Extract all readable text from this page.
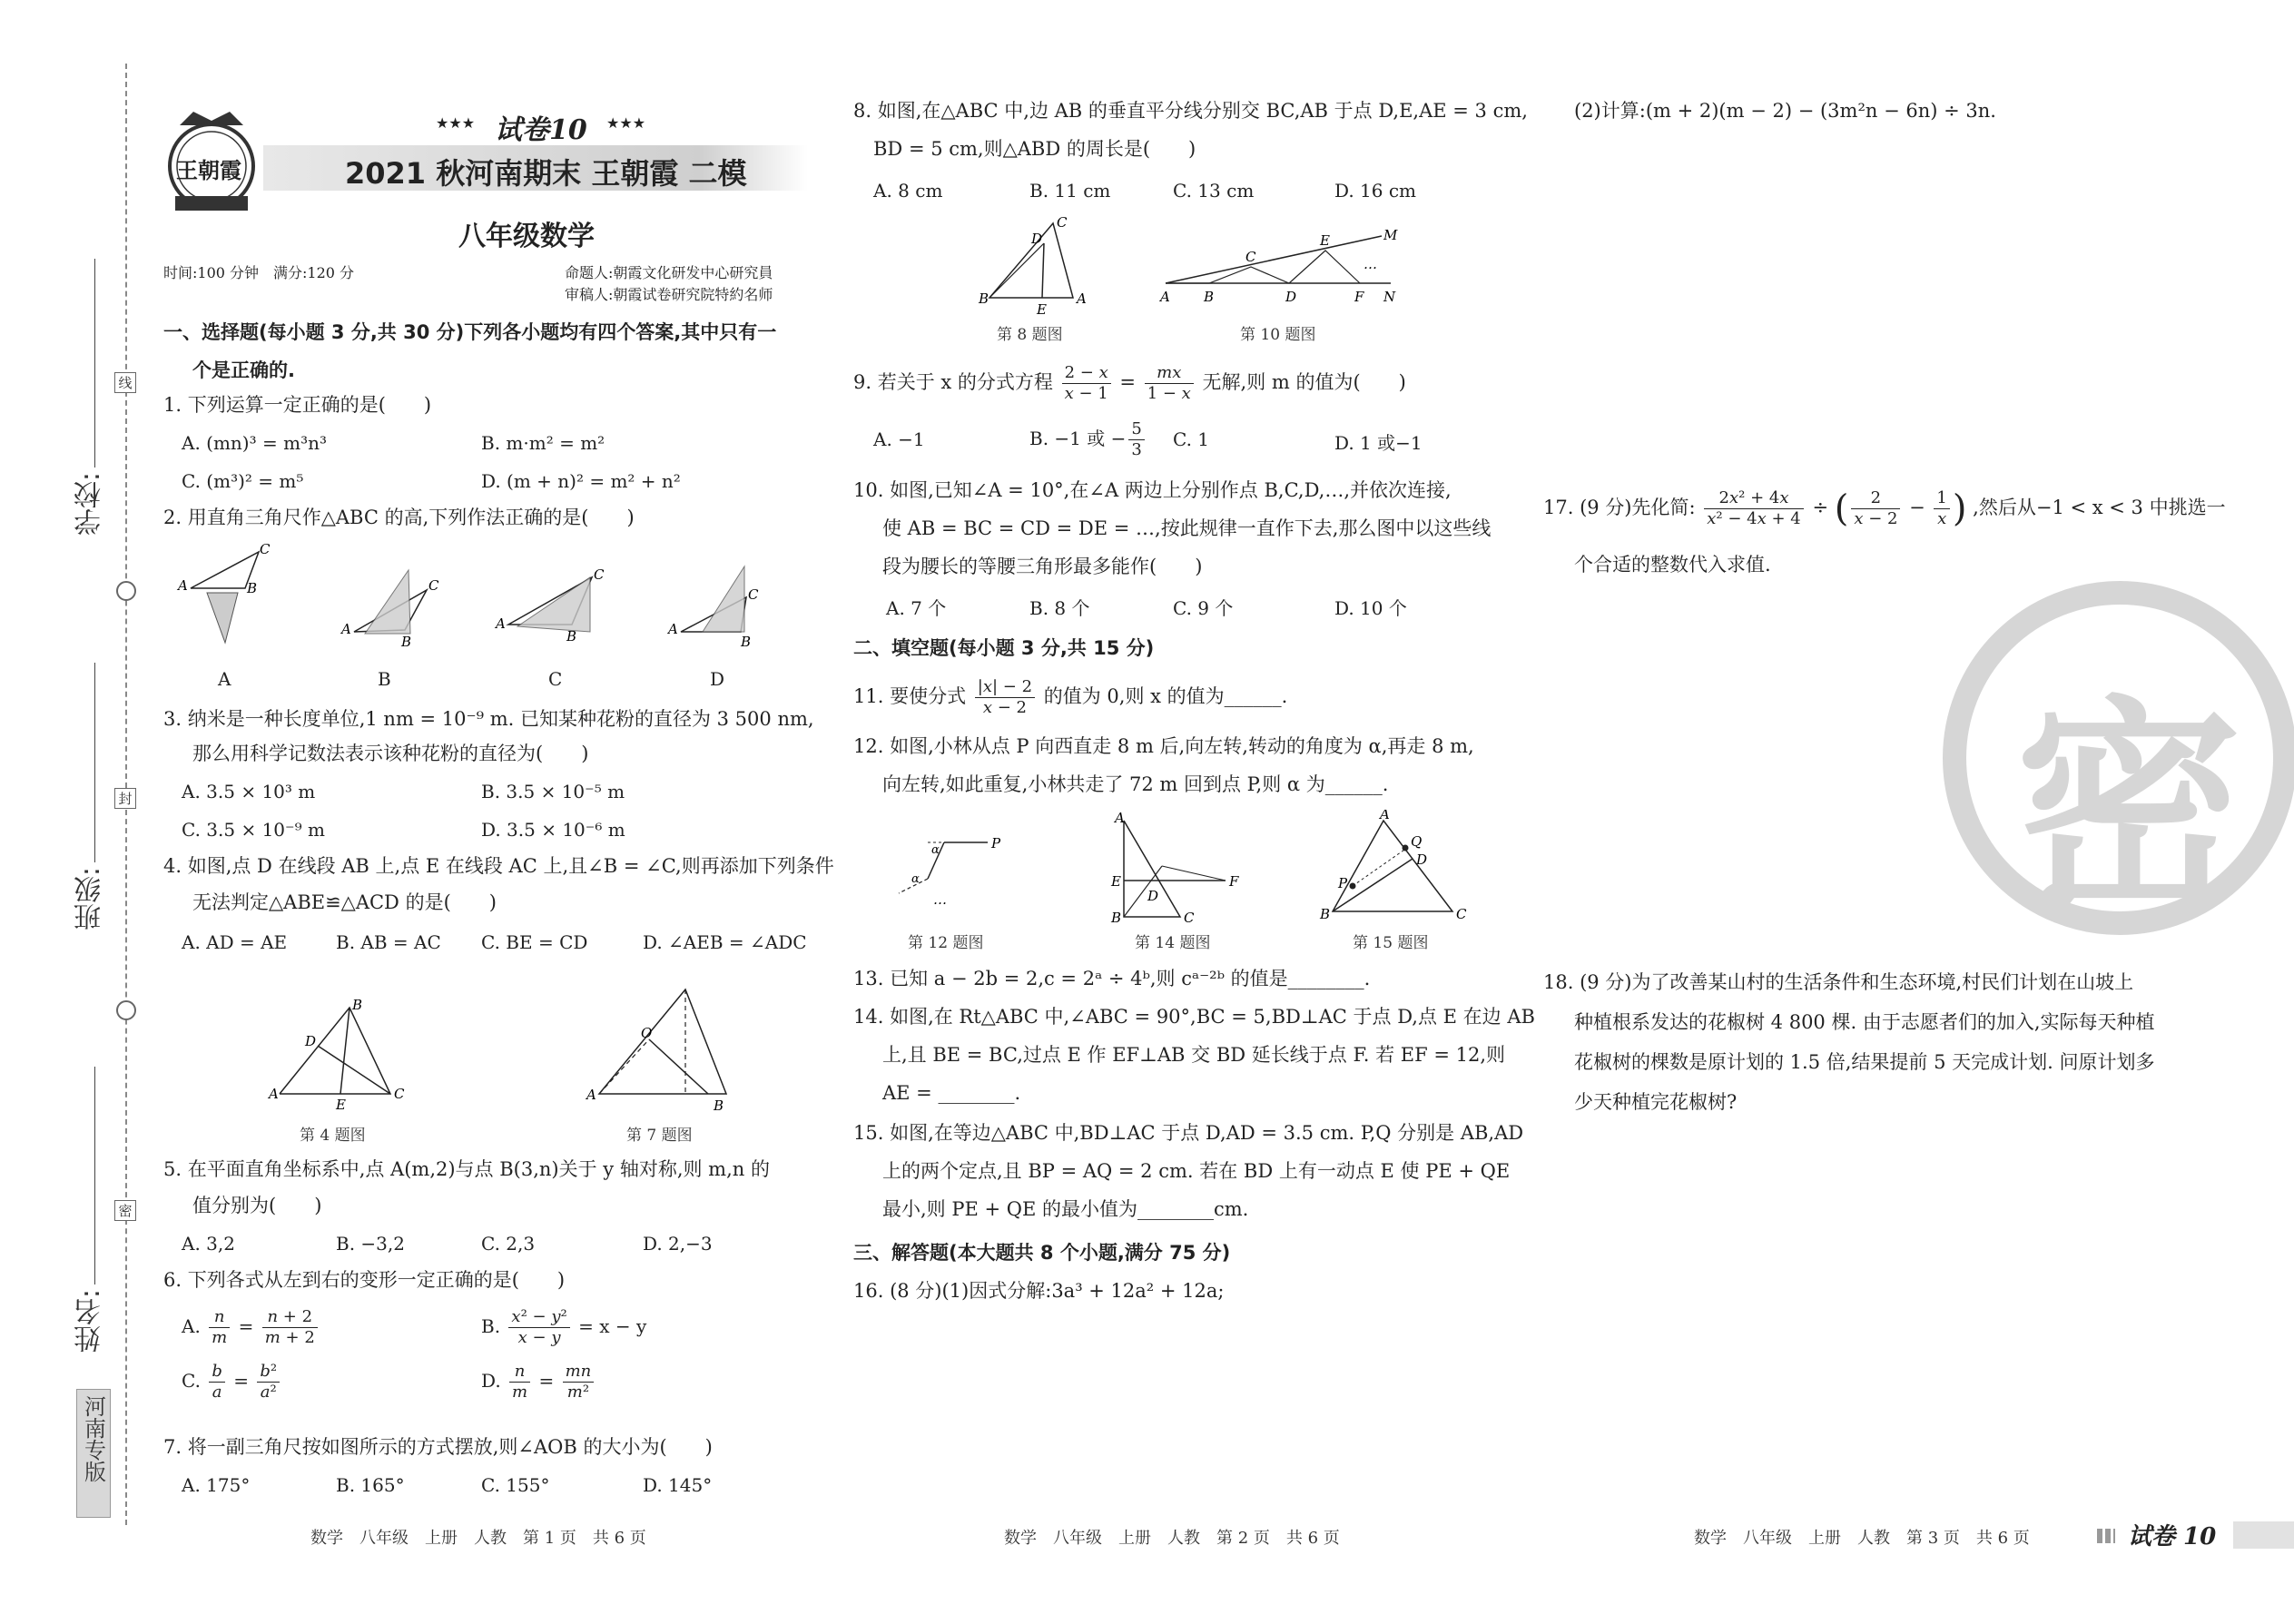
学校:
班级:
姓名:
线
封
密
河南专版
王朝霞
试卷10
★★★	★★★
2021 秋河南期末 王朝霞 二模
八年级数学
时间:100 分钟　满分:120 分	命题人:朝霞文化研发中心研究員
审稿人:朝霞试卷研究院特約名师
一、选择题(每小题 3 分,共 30 分)下列各小题均有四个答案,其中只有一
个是正确的.
1. 下列运算一定正确的是(　　)
A. (mn)³ = m³n³	B. m·m² = m²
C. (m³)² = m⁵	D. (m + n)² = m² + n²
2. 用直角三角尺作△ABC 的高,下列作法正确的是(　　)
A	B
C
A
B
C
A
B
C
A
B
C
A	B	C	D
3. 纳米是一种长度单位,1 nm = 10⁻⁹ m. 已知某种花粉的直径为 3 500 nm,
那么用科学记数法表示该种花粉的直径为(　　)
A. 3.5 × 10³ m	B. 3.5 × 10⁻⁵ m
C. 3.5 × 10⁻⁹ m	D. 3.5 × 10⁻⁶ m
4. 如图,点 D 在线段 AB 上,点 E 在线段 AC 上,且∠B = ∠C,则再添加下列条件
无法判定△ABE≌△ACD 的是(　　)
A. AD = AE	B. AB = AC C. BE = CD	D. ∠AEB = ∠ADC
A
B
C
D
E
第 4 题图
A
B
O
第 7 题图
5. 在平面直角坐标系中,点 A(m,2)与点 B(3,n)关于 y 轴对称,则 m,n 的
值分别为(　　)
A. 3,2	B. −3,2	C. 2,3	D. 2,−3
6. 下列各式从左到右的变形一定正确的是(　　)
A. $\frac{n}{m} = \frac{n + 2}{m + 2}$	B. $\frac{\text{x² − y²}}{x - y} = x - y$
C. $\frac{b}{a} = \frac{\text{b²}}{\text{a²}}$	D. $\frac{n}{m} = \frac{mn}{\text{m²}}$
7. 将一副三角尺按如图所示的方式摆放,则∠AOB 的大小为(　　)
A. 175°	B. 165°	C. 155°	D. 145°
8. 如图,在△ABC 中,边 AB 的垂直平分线分别交 BC,AB 于点 D,E,AE = 3 cm,
BD = 5 cm,则△ABD 的周长是(　　)
A. 8 cm	B. 11 cm	C. 13 cm	D. 16 cm
B	A
C
D
E
第 8 题图
A B
C
D
E
F
M
N
…
第 10 题图
9. 若关于 x 的分式方程 $\frac{2 - x}{x - 1} = \frac{mx}{1 - x}$ 无解,则 m 的值为(　　)
A. −1	B. −1 或 − $\frac{5}{3} C$. 1	D. 1 或−1
10. 如图,已知∠A = 10°,在∠A 两边上分别作点 B,C,D,…,并依次连接,
使 AB = BC = CD = DE = …,按此规律一直作下去,那么图中以这些线
段为腰长的等腰三角形最多能作(　　)
A. 7 个	B. 8 个	C. 9 个	D. 10 个
二、填空题(每小题 3 分,共 15 分)
11. 要使分式 $\frac{|x| - 2}{x - 2}$ 的值为 0,则 x 的值为______.
12. 如图,小林从点 P 向西直走 8 m 后,向左转,转动的角度为 α,再走 8 m,
向左转,如此重复,小林共走了 72 m 回到点 P,则 α 为______.
P
α
α
…
第 12 题图
A
E
B	C
D
F
第 14 题图
A
B	C
D
P
Q
第 15 题图
13. 已知 a − 2b = 2,c = 2ᵃ ÷ 4ᵇ,则 cᵃ⁻²ᵇ 的值是________.
14. 如图,在 Rt△ABC 中,∠ABC = 90°,BC = 5,BD⊥AC 于点 D,点 E 在边 AB
上,且 BE = BC,过点 E 作 EF⊥AB 交 BD 延长线于点 F. 若 EF = 12,则
AE = ________.
15. 如图,在等边△ABC 中,BD⊥AC 于点 D,AD = 3.5 cm. P,Q 分别是 AB,AD
上的两个定点,且 BP = AQ = 2 cm. 若在 BD 上有一动点 E 使 PE + QE
最小,则 PE + QE 的最小值为________cm.
三、解答题(本大题共 8 个小题,满分 75 分)
16. (8 分)(1)因式分解:3a³ + 12a² + 12a;
(2)计算:(m + 2)(m − 2) − (3m²n − 6n) ÷ 3n.
17. (9 分)先化简: $\frac{\text{2x² + 4x}}{\text{x² − 4x + 4}}$ ÷ ( $\frac{2}{x - 2} - \frac{1}{x}$ ) ,然后从−1 < x < 3 中挑选一
个合适的整数代入求值.
密
18. (9 分)为了改善某山村的生活条件和生态环境,村民们计划在山坡上
种植根系发达的花椒树 4 800 棵. 由于志愿者们的加入,实际每天种植
花椒树的棵数是原计划的 1.5 倍,结果提前 5 天完成计划. 问原计划多
少天种植完花椒树?
数学　八年级　上册　人教　第 1 页　共 6 页	数学　八年级　上册　人教　第 2 页　共 6 页	数学　八年级　上册　人教　第 3 页　共 6 页	试卷 10
